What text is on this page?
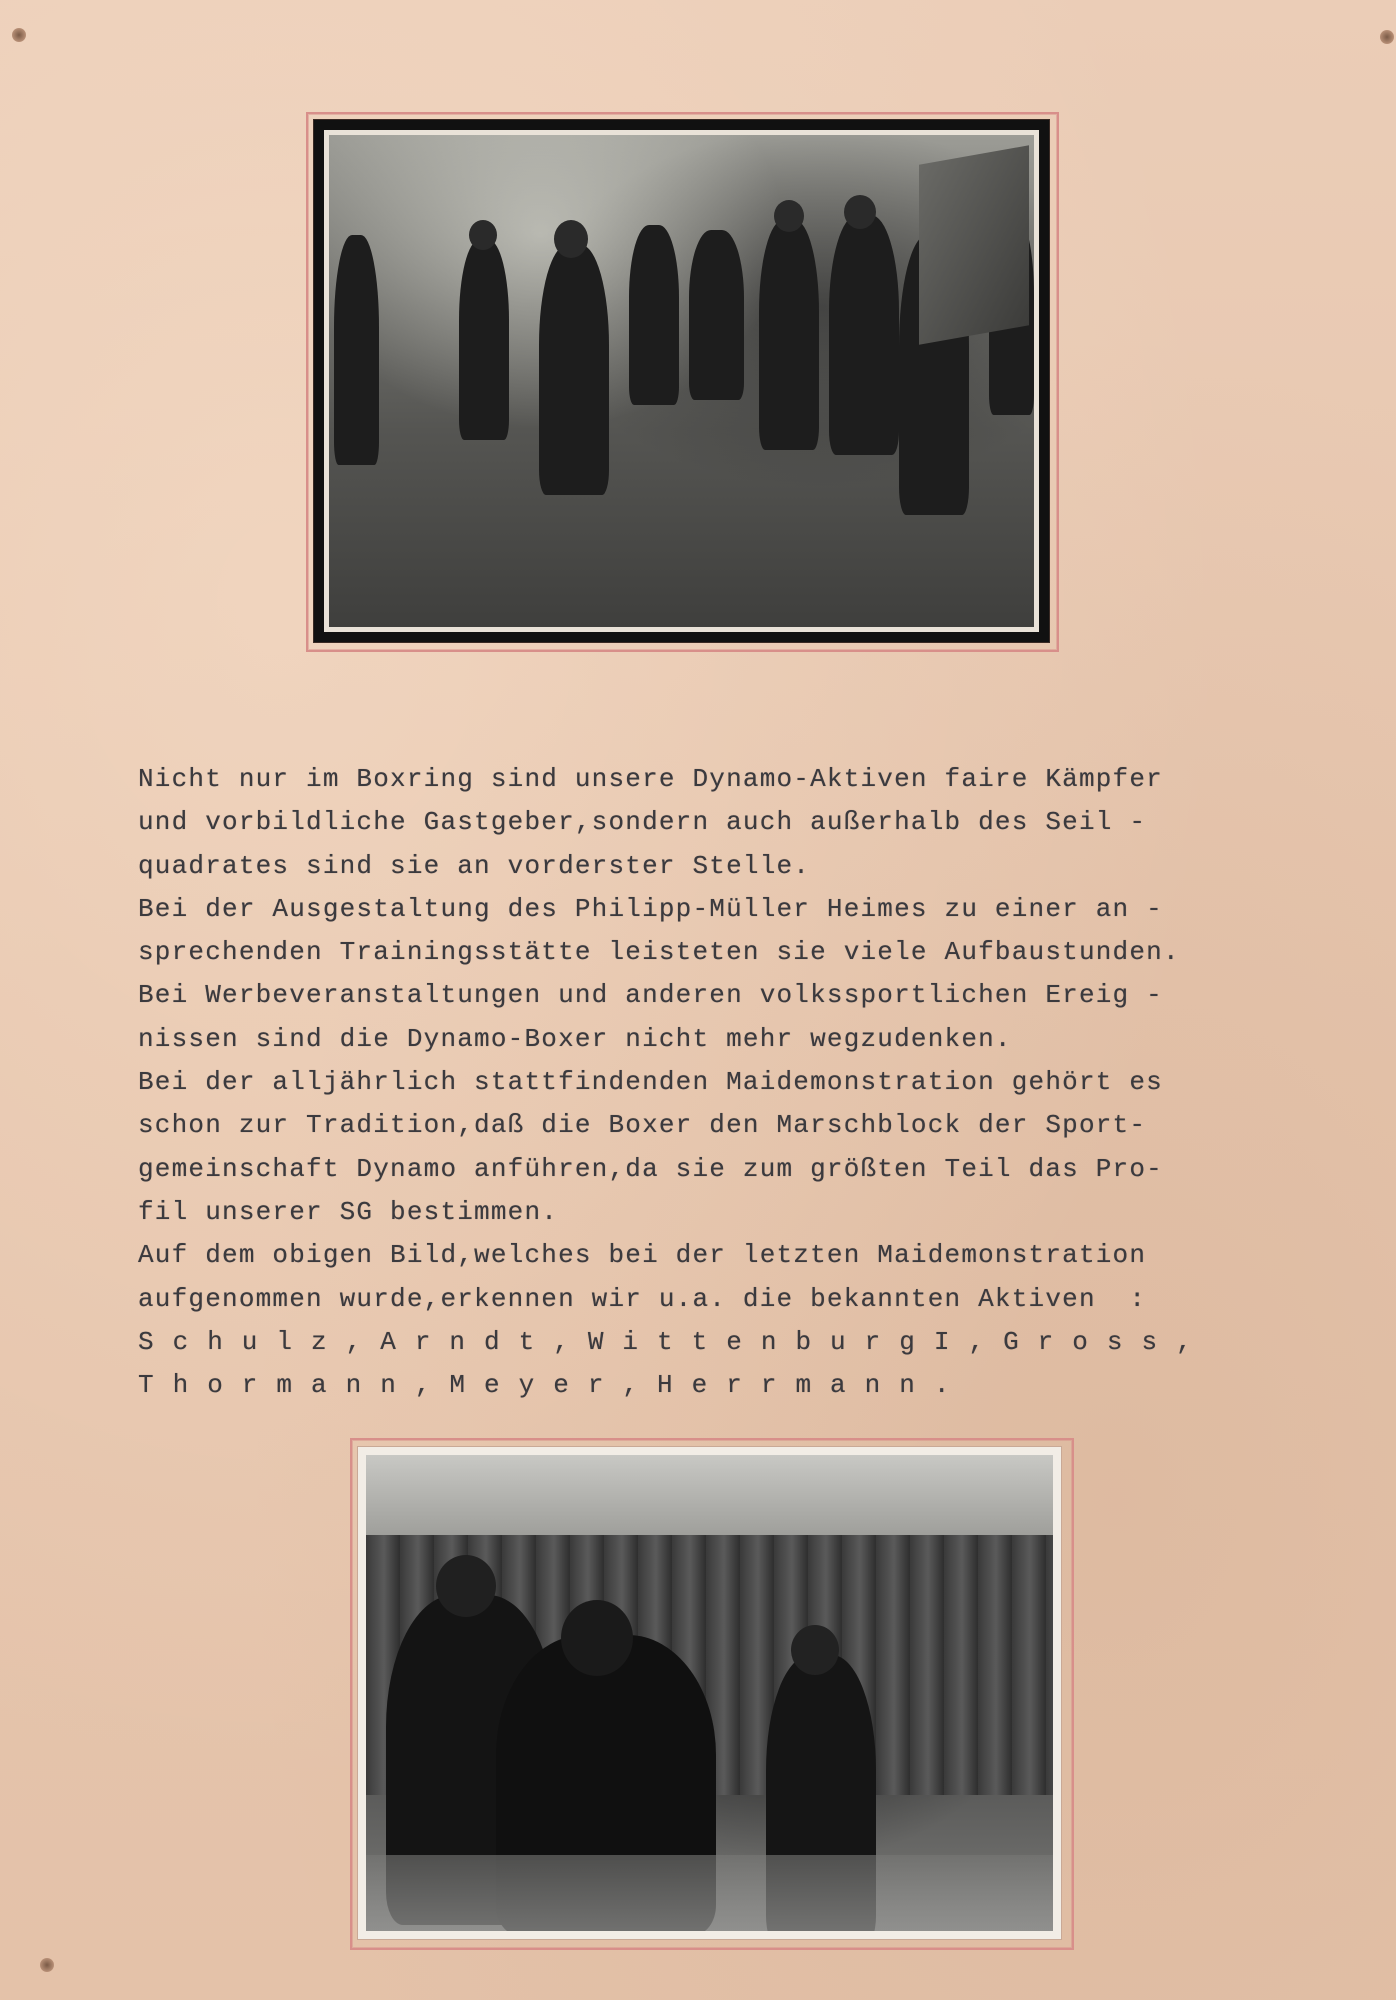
Nicht nur im Boxring sind unsere Dynamo-Aktiven faire Kämpfer
und vorbildliche Gastgeber,sondern auch außerhalb des Seil -
quadrates sind sie an vorderster Stelle.
Bei der Ausgestaltung des Philipp-Müller Heimes zu einer an -
sprechenden Trainingsstätte leisteten sie viele Aufbaustunden.
Bei Werbeveranstaltungen und anderen volkssportlichen Ereig -
nissen sind die Dynamo-Boxer nicht mehr wegzudenken.
Bei der alljährlich stattfindenden Maidemonstration gehört es
schon zur Tradition,daß die Boxer den Marschblock der Sport-
gemeinschaft Dynamo anführen,da sie zum größten Teil das Pro-
fil unserer SG bestimmen.
Auf dem obigen Bild,welches bei der letzten Maidemonstration
aufgenommen wurde,erkennen wir u.a. die bekannten Aktiven  :
Schulz,Arndt,WittenburgI,Gross,
Thormann,Meyer,Herrmann.
